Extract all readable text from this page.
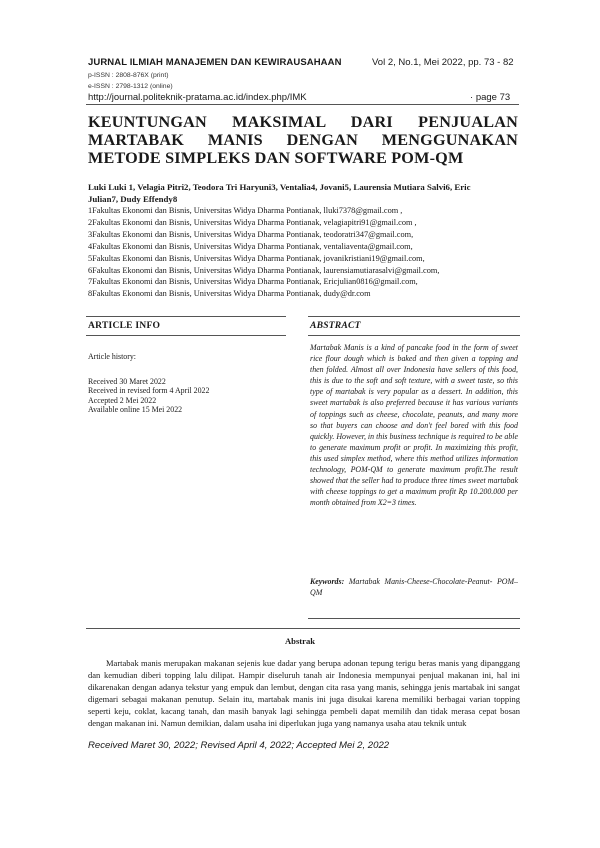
JURNAL ILMIAH MANAJEMEN DAN KEWIRAUSAHAAN	Vol 2, No.1, Mei 2022, pp. 73 - 82
p-ISSN : 2808-876X (print)
e-ISSN : 2798-1312 (online)
http://journal.politeknik-pratama.ac.id/index.php/IMK	· page 73
KEUNTUNGAN MAKSIMAL DARI PENJUALAN
MARTABAK MANIS DENGAN MENGGUNAKAN
METODE SIMPLEKS DAN SOFTWARE POM-QM
Luki Luki 1, Velagia Pitri2, Teodora Tri Haryuni3, Ventalia4, Jovani5, Laurensia Mutiara Salvi6, Eric
Julian7, Dudy Effendy8
1Fakultas Ekonomi dan Bisnis, Universitas Widya Dharma Pontianak, lluki7378@gmail.com ,
2Fakultas Ekonomi dan Bisnis, Universitas Widya Dharma Pontianak, velagiapitri91@gmail.com ,
3Fakultas Ekonomi dan Bisnis, Universitas Widya Dharma Pontianak, teodoratri347@gmail.com,
4Fakultas Ekonomi dan Bisnis, Universitas Widya Dharma Pontianak, ventaliaventa@gmail.com,
5Fakultas Ekonomi dan Bisnis, Universitas Widya Dharma Pontianak, jovanikristiani19@gmail.com,
6Fakultas Ekonomi dan Bisnis, Universitas Widya Dharma Pontianak, laurensiamutiarasalvi@gmail.com,
7Fakultas Ekonomi dan Bisnis, Universitas Widya Dharma Pontianak, Ericjulian0816@gmail.com,
8Fakultas Ekonomi dan Bisnis, Universitas Widya Dharma Pontianak, dudy@dr.com
ARTICLE INFO
Article history:
Received 30 Maret 2022
Received in revised form 4 April 2022
Accepted 2 Mei 2022
Available online 15 Mei 2022
ABSTRACT
Martabak Manis is a kind of pancake food in the form of sweet rice flour dough which is baked and then given a topping and then folded. Almost all over Indonesia have sellers of this food, this is due to the soft and soft texture, with a sweet taste, so this type of martabak is very popular as a dessert. In addition, this sweet martabak is also preferred because it has various variants of toppings such as cheese, chocolate, peanuts, and many more so that buyers can choose and don't feel bored with this food quickly. However, in this business technique is required to be able to generate maximum profit or profit. In maximizing this profit, this used simplex method, where this method utilizes information technology, POM-QM to generate maximum profit.The result showed that the seller had to produce three times sweet martabak with cheese toppings to get a maximum profit Rp 10.200.000 per month obtained from X2=3 times.
Keywords: Martabak Manis-Cheese-Chocolate-Peanut- POM–QM
Abstrak
Martabak manis merupakan makanan sejenis kue dadar yang berupa adonan tepung terigu beras manis yang dipanggang dan kemudian diberi topping lalu dilipat. Hampir diseluruh tanah air Indonesia mempunyai penjual makanan ini, hal ini dikarenakan dengan adanya tekstur yang empuk dan lembut, dengan cita rasa yang manis, sehingga jenis martabak ini sangat digemari sebagai makanan penutup. Selain itu, martabak manis ini juga disukai karena memiliki berbagai varian topping seperti keju, coklat, kacang tanah, dan masih banyak lagi sehingga pembeli dapat memilih dan tidak merasa cepat bosan dengan makanan ini. Namun demikian, dalam usaha ini diperlukan juga yang namanya usaha atau teknik untuk
Received Maret 30, 2022; Revised April 4, 2022; Accepted Mei 2, 2022
